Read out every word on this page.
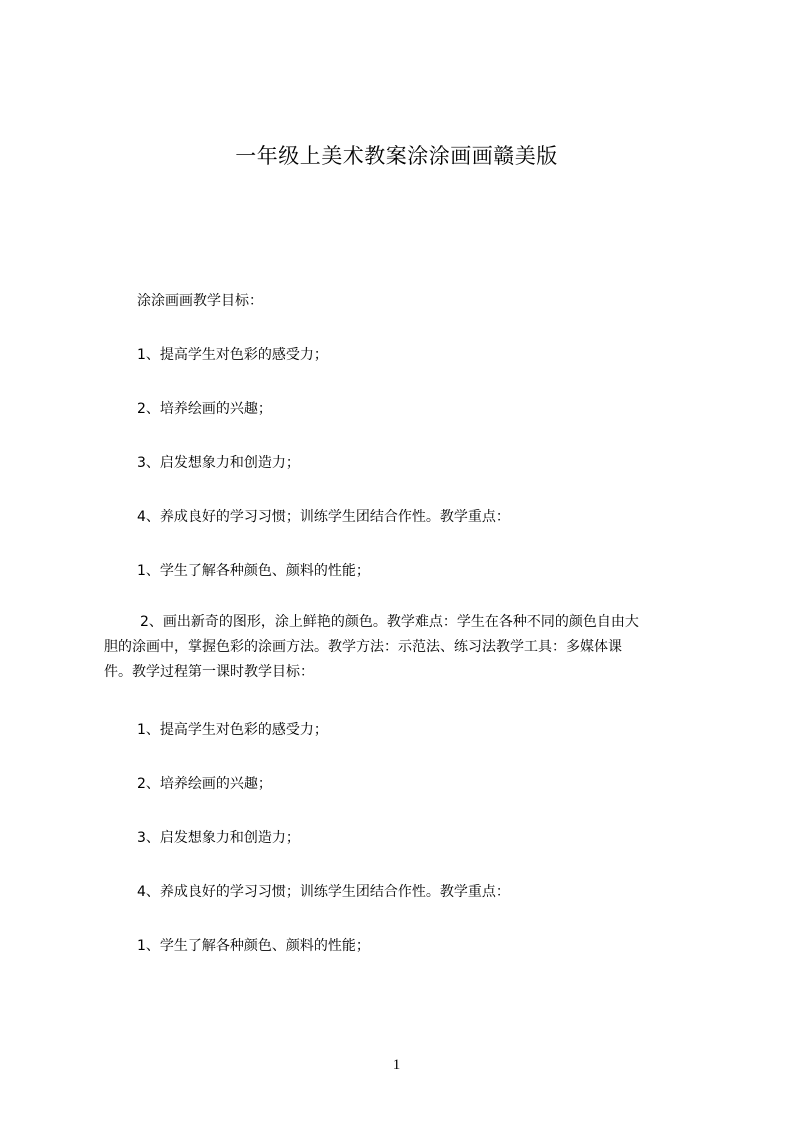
一年级上美术教案涂涂画画赣美版
涂涂画画教学目标：
1、提高学生对色彩的感受力；
2、培养绘画的兴趣；
3、启发想象力和创造力；
4、养成良好的学习习惯；训练学生团结合作性。教学重点：
1、学生了解各种颜色、颜料的性能；
2、画出新奇的图形，涂上鲜艳的颜色。教学难点：学生在各种不同的颜色自由大
胆的涂画中，掌握色彩的涂画方法。教学方法：示范法、练习法教学工具：多媒体课
件。教学过程第一课时教学目标：
1、提高学生对色彩的感受力；
2、培养绘画的兴趣；
3、启发想象力和创造力；
4、养成良好的学习习惯；训练学生团结合作性。教学重点：
1、学生了解各种颜色、颜料的性能；
1
